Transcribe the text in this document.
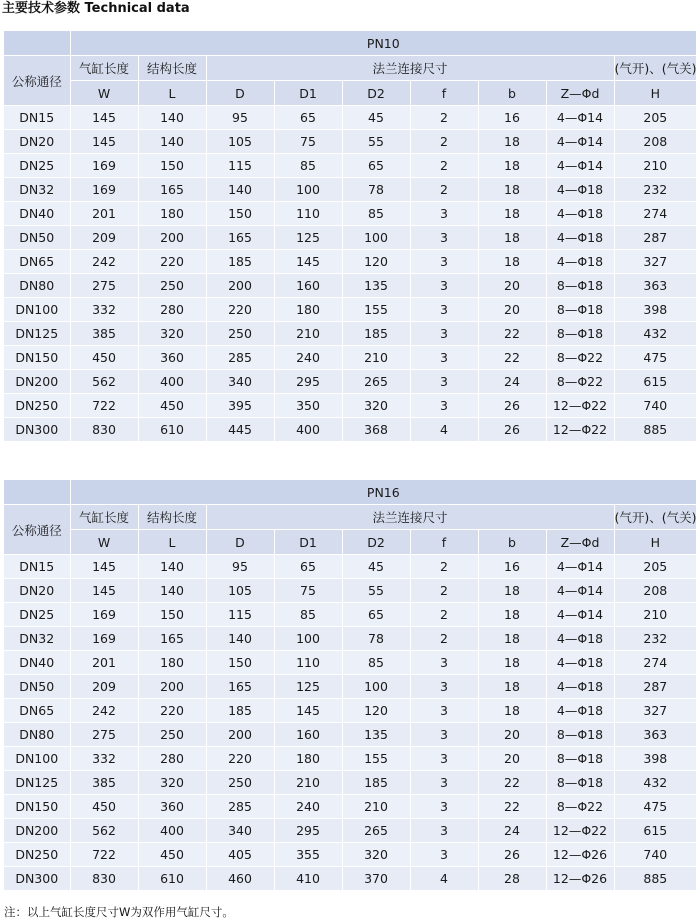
主要技术参数 Technical data
	PN10								
公称通径	气缸长度	结构长度	法兰连接尺寸						(气开)、(气关)
	W	L	D	D1	D2	f	b	Z—Φd	H
DN15	145	140	95	65	45	2	16	4—Φ14	205
DN20	145	140	105	75	55	2	18	4—Φ14	208
DN25	169	150	115	85	65	2	18	4—Φ14	210
DN32	169	165	140	100	78	2	18	4—Φ18	232
DN40	201	180	150	110	85	3	18	4—Φ18	274
DN50	209	200	165	125	100	3	18	4—Φ18	287
DN65	242	220	185	145	120	3	18	4—Φ18	327
DN80	275	250	200	160	135	3	20	8—Φ18	363
DN100	332	280	220	180	155	3	20	8—Φ18	398
DN125	385	320	250	210	185	3	22	8—Φ18	432
DN150	450	360	285	240	210	3	22	8—Φ22	475
DN200	562	400	340	295	265	3	24	8—Φ22	615
DN250	722	450	395	350	320	3	26	12—Φ22	740
DN300	830	610	445	400	368	4	26	12—Φ22	885
	PN16								
公称通径	气缸长度	结构长度	法兰连接尺寸						(气开)、(气关)
	W	L	D	D1	D2	f	b	Z—Φd	H
DN15	145	140	95	65	45	2	16	4—Φ14	205
DN20	145	140	105	75	55	2	18	4—Φ14	208
DN25	169	150	115	85	65	2	18	4—Φ14	210
DN32	169	165	140	100	78	2	18	4—Φ18	232
DN40	201	180	150	110	85	3	18	4—Φ18	274
DN50	209	200	165	125	100	3	18	4—Φ18	287
DN65	242	220	185	145	120	3	18	4—Φ18	327
DN80	275	250	200	160	135	3	20	8—Φ18	363
DN100	332	280	220	180	155	3	20	8—Φ18	398
DN125	385	320	250	210	185	3	22	8—Φ18	432
DN150	450	360	285	240	210	3	22	8—Φ22	475
DN200	562	400	340	295	265	3	24	12—Φ22	615
DN250	722	450	405	355	320	3	26	12—Φ26	740
DN300	830	610	460	410	370	4	28	12—Φ26	885
注：以上气缸长度尺寸W为双作用气缸尺寸。
